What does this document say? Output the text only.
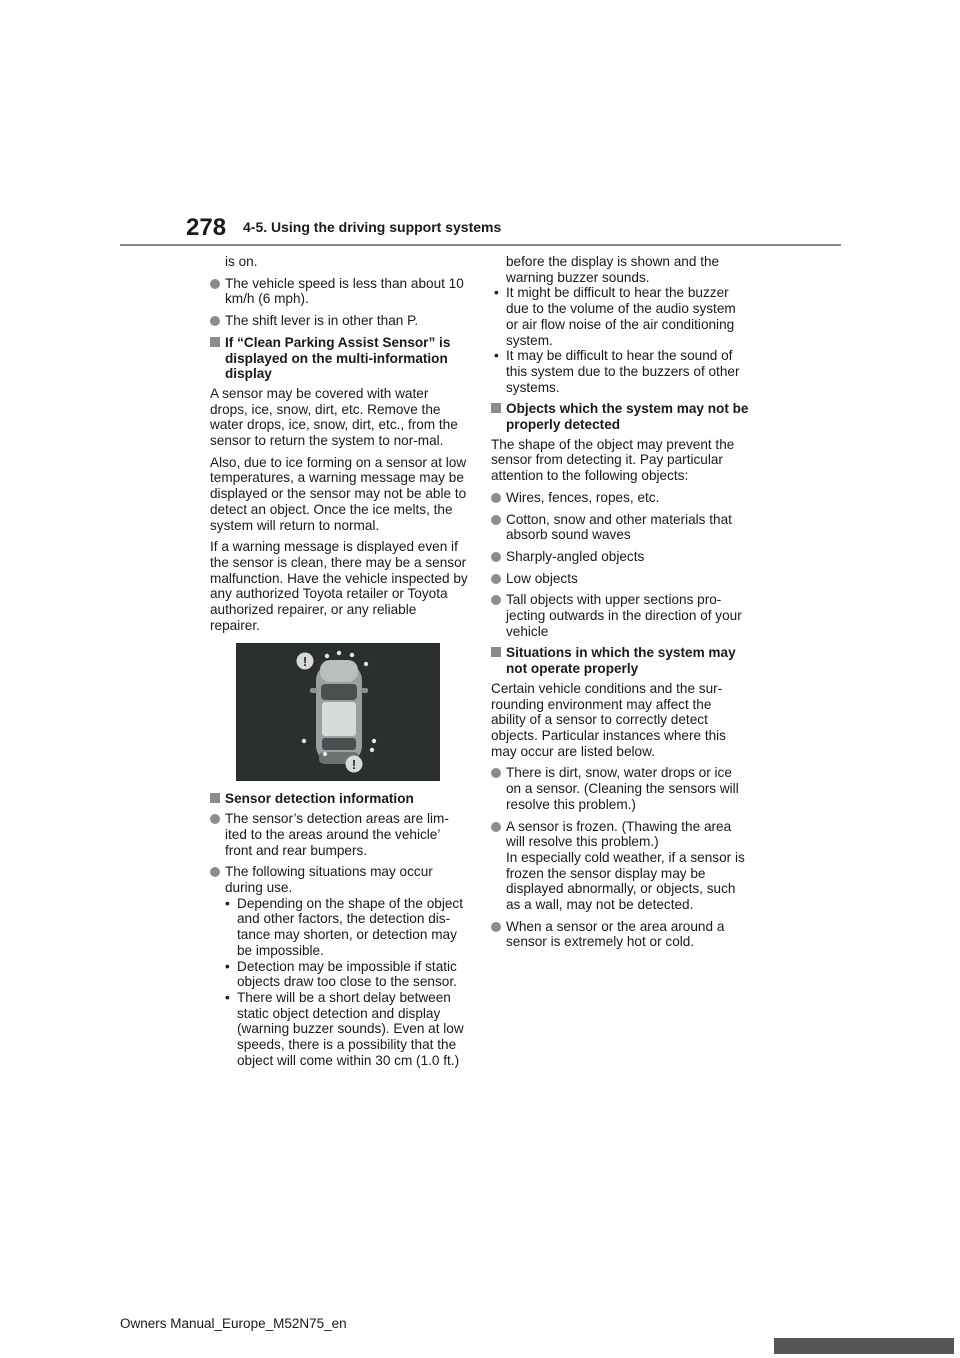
278 4-5. Using the driving support systems

is on.

The vehicle speed is less than about 10 km/h (6 mph).

The shift lever is in other than P.

If “Clean Parking Assist Sensor” is displayed on the multi-information display

A sensor may be covered with water drops, ice, snow, dirt, etc. Remove the water drops, ice, snow, dirt, etc., from the sensor to return the system to nor-mal.

Also, due to ice forming on a sensor at low temperatures, a warning message may be displayed or the sensor may not be able to detect an object. Once the ice melts, the system will return to normal.

If a warning message is displayed even if the sensor is clean, there may be a sensor malfunction. Have the vehicle inspected by any authorized Toyota retailer or Toyota authorized repairer, or any reliable repairer.

!
!

Sensor detection information

The sensor’s detection areas are lim-ited to the areas around the vehicle’ front and rear bumpers.

The following situations may occur during use.

• Depending on the shape of the object and other factors, the detection dis-tance may shorten, or detection may be impossible.
• Detection may be impossible if static objects draw too close to the sensor.
• There will be a short delay between static object detection and display (warning buzzer sounds). Even at low speeds, there is a possibility that the object will come within 30 cm (1.0 ft.)

before the display is shown and the warning buzzer sounds.

• It might be difficult to hear the buzzer due to the volume of the audio system or air flow noise of the air conditioning system.
• It may be difficult to hear the sound of this system due to the buzzers of other systems.

Objects which the system may not be properly detected

The shape of the object may prevent the sensor from detecting it. Pay particular attention to the following objects:

Wires, fences, ropes, etc.

Cotton, snow and other materials that absorb sound waves

Sharply-angled objects

Low objects

Tall objects with upper sections pro-jecting outwards in the direction of your vehicle

Situations in which the system may not operate properly

Certain vehicle conditions and the sur-rounding environment may affect the ability of a sensor to correctly detect objects. Particular instances where this may occur are listed below.

There is dirt, snow, water drops or ice on a sensor. (Cleaning the sensors will resolve this problem.)

A sensor is frozen. (Thawing the area will resolve this problem.)

In especially cold weather, if a sensor is frozen the sensor display may be displayed abnormally, or objects, such as a wall, may not be detected.

When a sensor or the area around a sensor is extremely hot or cold.

Owners Manual_Europe_M52N75_en
